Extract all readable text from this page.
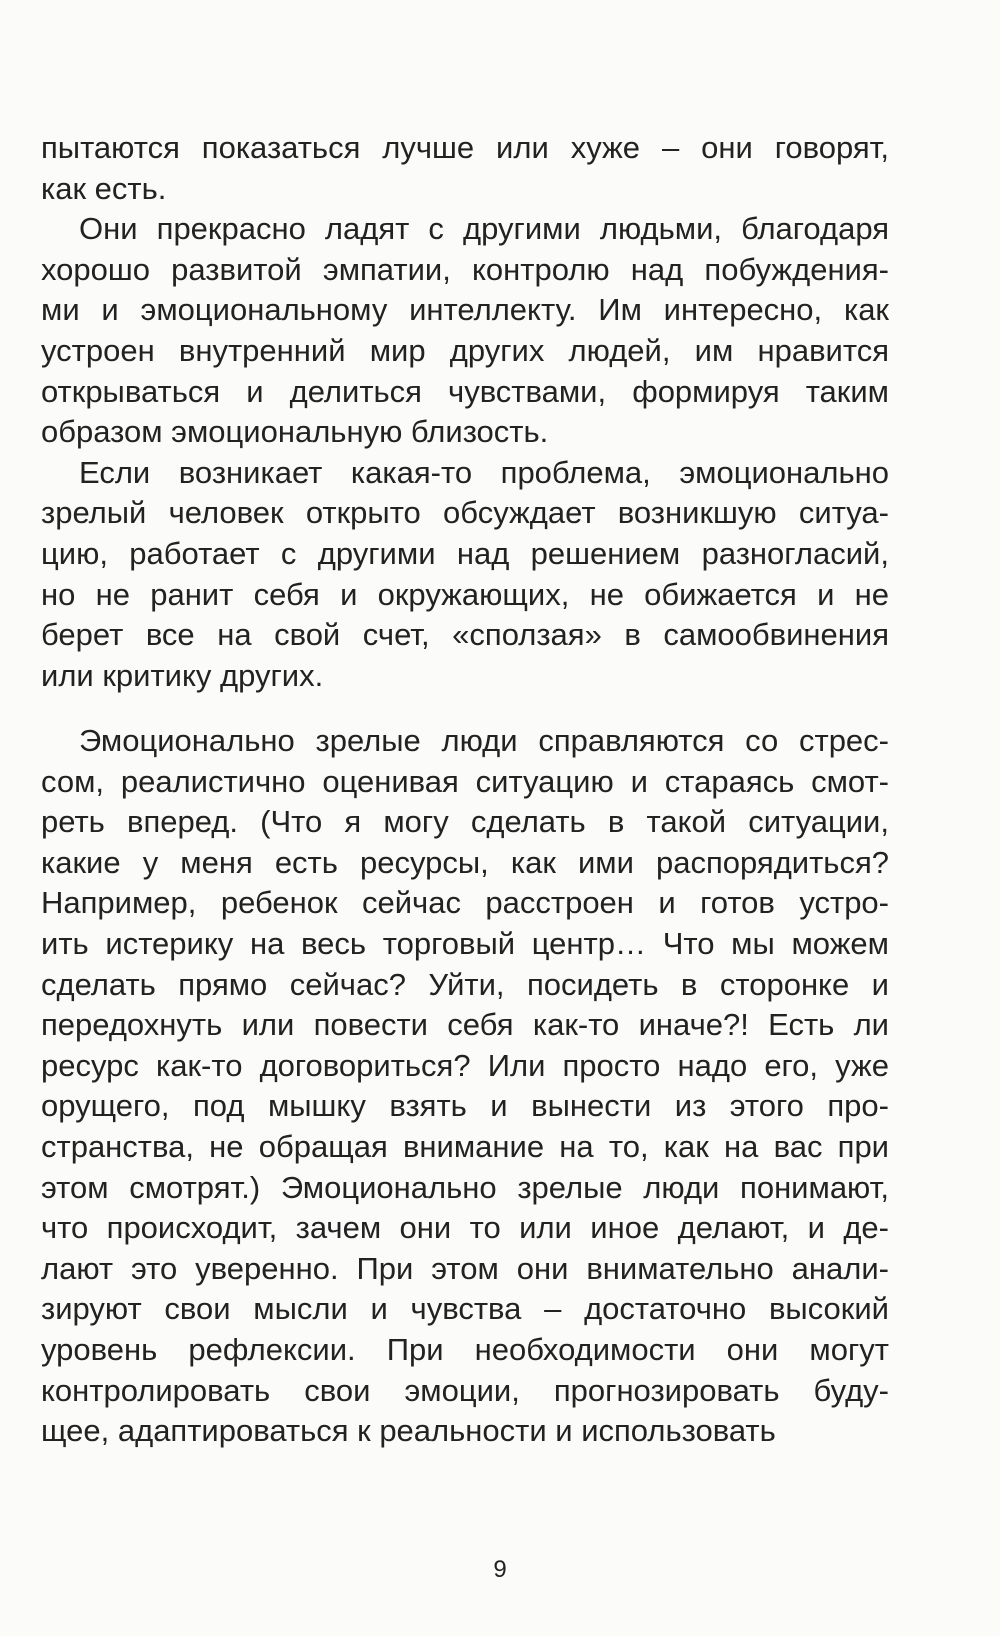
пытаются показаться лучше или хуже – они говорят,
как есть.
Они прекрасно ладят с другими людьми, благодаря
хорошо развитой эмпатии, контролю над побуждения-
ми и эмоциональному интеллекту. Им интересно, как
устроен внутренний мир других людей, им нравится
открываться и делиться чувствами, формируя таким
образом эмоциональную близость.
Если возникает какая-то проблема, эмоционально
зрелый человек открыто обсуждает возникшую ситуа-
цию, работает с другими над решением разногласий,
но не ранит себя и окружающих, не обижается и не
берет все на свой счет, «сползая» в самообвинения
или критику других.
Эмоционально зрелые люди справляются со стрес-
сом, реалистично оценивая ситуацию и стараясь смот-
реть вперед. (Что я могу сделать в такой ситуации,
какие у меня есть ресурсы, как ими распорядиться?
Например, ребенок сейчас расстроен и готов устро-
ить истерику на весь торговый центр… Что мы можем
сделать прямо сейчас? Уйти, посидеть в сторонке и
передохнуть или повести себя как-то иначе?! Есть ли
ресурс как-то договориться? Или просто надо его, уже
орущего, под мышку взять и вынести из этого про-
странства, не обращая внимание на то, как на вас при
этом смотрят.) Эмоционально зрелые люди понимают,
что происходит, зачем они то или иное делают, и де-
лают это уверенно. При этом они внимательно анали-
зируют свои мысли и чувства – достаточно высокий
уровень рефлексии. При необходимости они могут
контролировать свои эмоции, прогнозировать буду-
щее, адаптироваться к реальности и использовать
9
